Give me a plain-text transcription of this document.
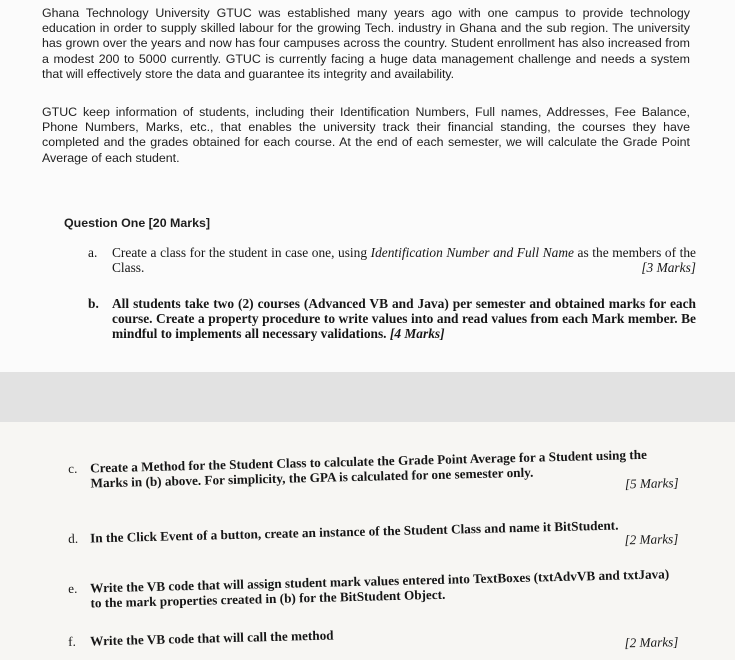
Ghana Technology University GTUC was established many years ago with one campus to provide technology education in order to supply skilled labour for the growing Tech. industry in Ghana and the sub region. The university has grown over the years and now has four campuses across the country. Student enrollment has also increased from a modest 200 to 5000 currently. GTUC is currently facing a huge data management challenge and needs a system that will effectively store the data and guarantee its integrity and availability.

GTUC keep information of students, including their Identification Numbers, Full names, Addresses, Fee Balance, Phone Numbers, Marks, etc., that enables the university track their financial standing, the courses they have completed and the grades obtained for each course. At the end of each semester, we will calculate the Grade Point Average of each student.

Question One [20 Marks]

a. Create a class for the student in case one, using Identification Number and Full Name as the members of the Class.	[3 Marks]
b. All students take two (2) courses (Advanced VB and Java) per semester and obtained marks for each course. Create a property procedure to write values into and read values from each Mark member. Be mindful to implements all necessary validations. [4 Marks]
c. Create a Method for the Student Class to calculate the Grade Point Average for a Student using the Marks in (b) above. For simplicity, the GPA is calculated for one semester only.	[5 Marks]
d. In the Click Event of a button, create an instance of the Student Class and name it BitStudent. [2 Marks]
e. Write the VB code that will assign student mark values entered into TextBoxes (txtAdvVB and txtJava) to the mark properties created in (b) for the BitStudent Object.
f. Write the VB code that will call the method	[2 Marks]
